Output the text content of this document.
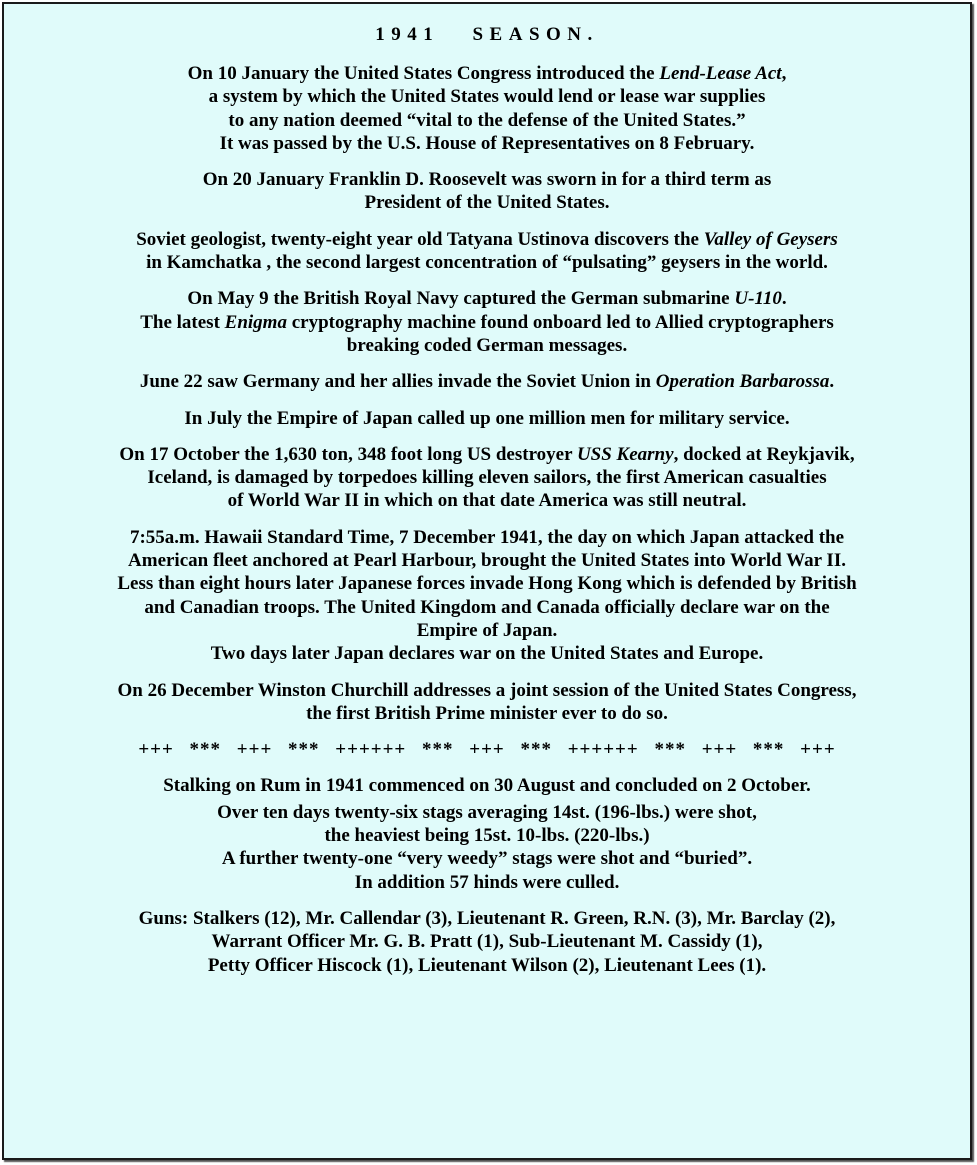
1941 SEASON.
On 10 January the United States Congress introduced the Lend-Lease Act,
a system by which the United States would lend or lease war supplies
to any nation deemed “vital to the defense of the United States.”
It was passed by the U.S. House of Representatives on 8 February.
On 20 January Franklin D. Roosevelt was sworn in for a third term as
President of the United States.
Soviet geologist, twenty-eight year old Tatyana Ustinova discovers the Valley of Geysers
in Kamchatka , the second largest concentration of “pulsating” geysers in the world.
On May 9 the British Royal Navy captured the German submarine U-110.
The latest Enigma cryptography machine found onboard led to Allied cryptographers
breaking coded German messages.
June 22 saw Germany and her allies invade the Soviet Union in Operation Barbarossa.
In July the Empire of Japan called up one million men for military service.
On 17 October the 1,630 ton, 348 foot long US destroyer USS Kearny, docked at Reykjavik,
Iceland, is damaged by torpedoes killing eleven sailors, the first American casualties
of World War II in which on that date America was still neutral.
7:55a.m. Hawaii Standard Time, 7 December 1941, the day on which Japan attacked the
American fleet anchored at Pearl Harbour, brought the United States into World War II.
Less than eight hours later Japanese forces invade Hong Kong which is defended by British
and Canadian troops. The United Kingdom and Canada officially declare war on the
Empire of Japan.
Two days later Japan declares war on the United States and Europe.
On 26 December Winston Churchill addresses a joint session of the United States Congress,
the first British Prime minister ever to do so.
+++ *** +++ *** ++++++ *** +++ *** ++++++ *** +++ *** +++
Stalking on Rum in 1941 commenced on 30 August and concluded on 2 October.
Over ten days twenty-six stags averaging 14st. (196-lbs.) were shot,
the heaviest being 15st. 10-lbs. (220-lbs.)
A further twenty-one “very weedy” stags were shot and “buried”.
In addition 57 hinds were culled.
Guns: Stalkers (12), Mr. Callendar (3), Lieutenant R. Green, R.N. (3), Mr. Barclay (2),
Warrant Officer Mr. G. B. Pratt (1), Sub-Lieutenant M. Cassidy (1),
Petty Officer Hiscock (1), Lieutenant Wilson (2), Lieutenant Lees (1).
